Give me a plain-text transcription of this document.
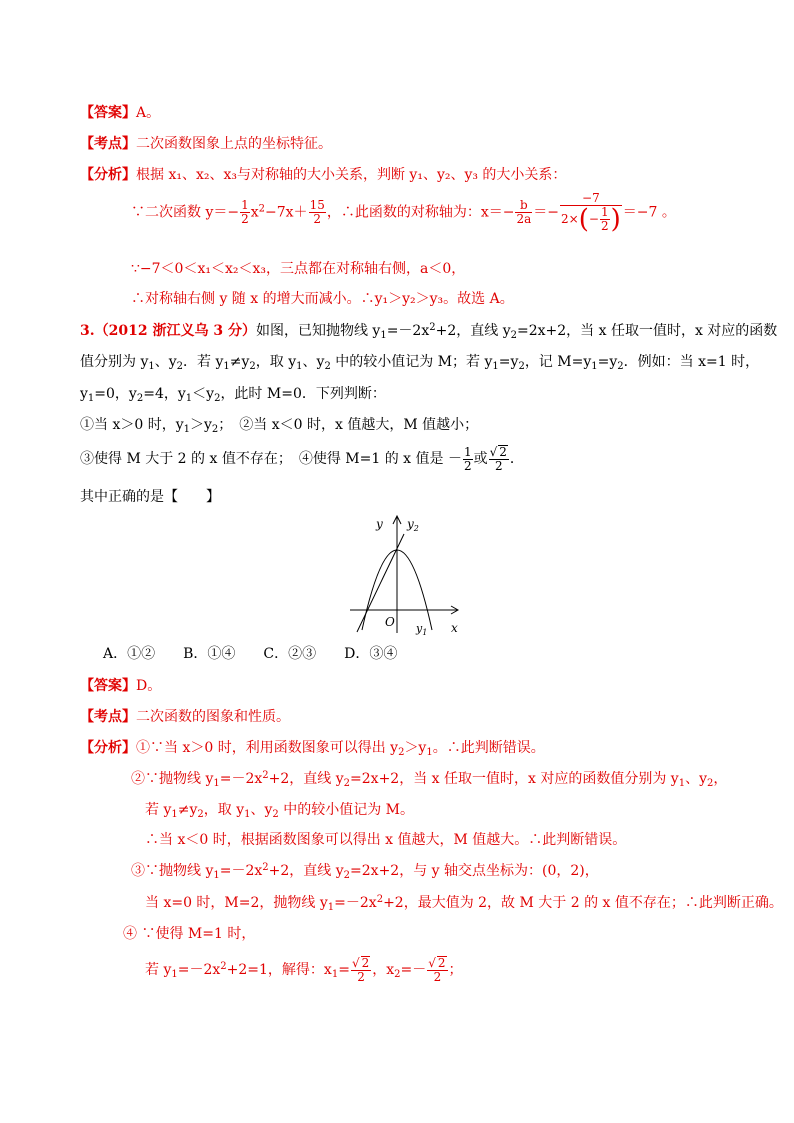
【答案】A。
【考点】二次函数图象上点的坐标特征。
【分析】根据 x₁、x₂、x₃与对称轴的大小关系，判断 y₁、y₂、y₃ 的大小关系：
∵二次函数 $y=- \frac{1}{2} x^2-7x+ \frac{15}{2}$ ，∴此函数的对称轴为：$x=- \frac{b}{2a} =- \frac{-7}{2\times(- \frac{1}{2} )} =-7$ 。
∵−7＜0＜x₁＜x₂＜x₃，三点都在对称轴右侧，a＜0，
∴对称轴右侧 y 随 x 的增大而减小。∴y₁＞y₂＞y₃。故选 A。
3.（2012 浙江义乌 3 分）如图，已知抛物线 $y_1=-2x^2+2$，直线 $y_2=2x+2$，当 x 任取一值时，x 对应的函数
值分别为 $y_1$、$y_2$．若 $y_1\ne y_2$，取 $y_1$、$y_2$ 中的较小值记为 M；若 $y_1=y_2$，记 $M=y_1=y_2$．例如：当 x=1 时，
$y_1=0$，$y_2=4$，$y_1<y_2$，此时 M=0．下列判断：
①当 x＞0 时，$y_1>y_2$；　②当 x＜0 时，x 值越大，M 值越小；
③使得 M 大于 2 的 x 值不存在；　④使得 M=1 的 x 值是 － $\frac{1}{2}$ 或 $\frac{√ 2}{2}$ ．
其中正确的是【　　】
y $y_2$
O $y_1$ x
A．①②　　B．①④　　C．②③　　D．③④
【答案】D。
【考点】二次函数的图象和性质。
【分析】①∵当 x＞0 时，利用函数图象可以得出 $y_2>y_1$。∴此判断错误。
②∵抛物线 $y_1=-2x^2+2$，直线 $y_2=2x+2$，当 x 任取一值时，x 对应的函数值分别为 $y_1$、$y_2$，
若 $y_1\ne y_2$，取 $y_1$、$y_2$ 中的较小值记为 M。
∴当 x＜0 时，根据函数图象可以得出 x 值越大，M 值越大。∴此判断错误。
③∵抛物线 $y_1=-2x^2+2$，直线 $y_2=2x+2$，与 y 轴交点坐标为：(0，2)，
当 x=0 时，M=2，抛物线 $y_1=-2x^2+2$，最大值为 2，故 M 大于 2 的 x 值不存在；∴此判断正确。
④ ∵使得 M=1 时，
若 $y_1=-2x^2+2=1$，解得：$x_1= \frac{√ 2}{2}$ ，$x_2=- \frac{√ 2}{2}$ ；
